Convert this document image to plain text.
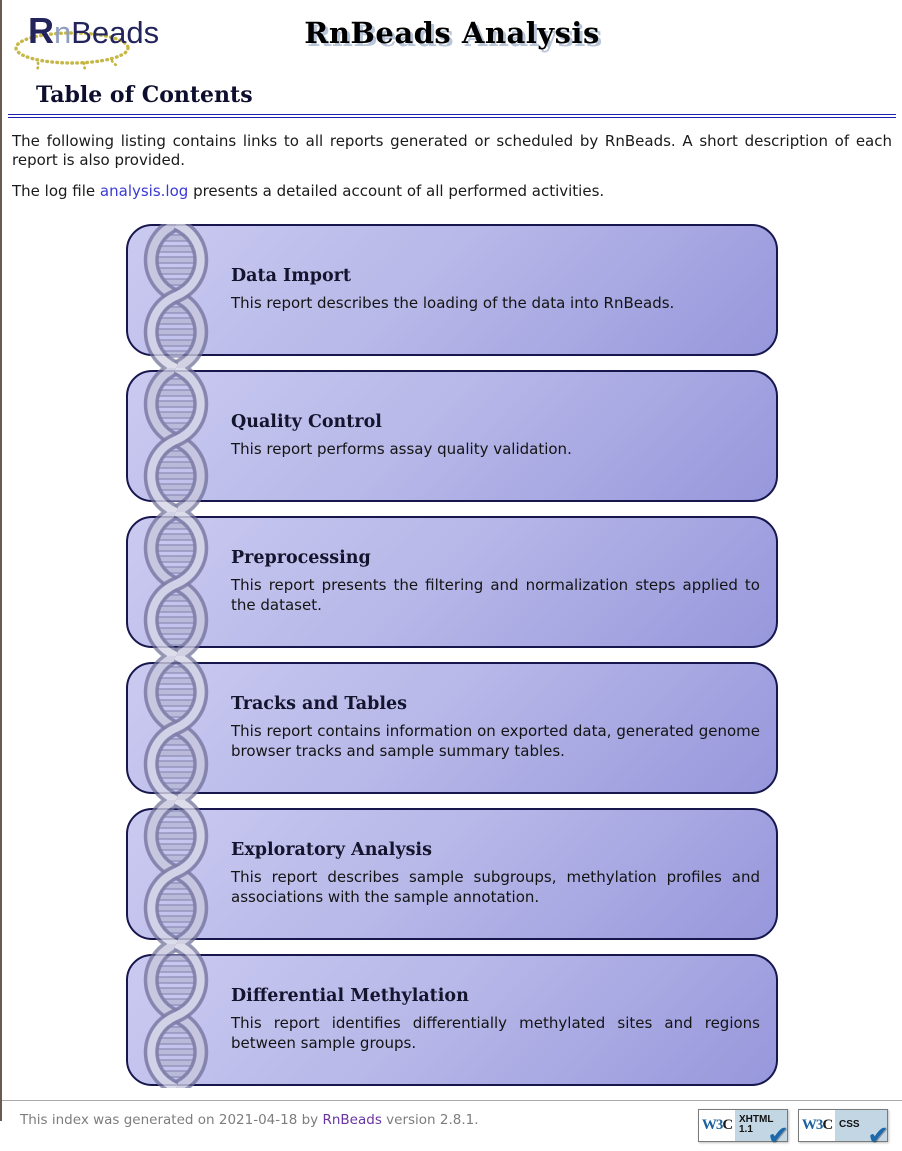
RnBeads	RnBeads Analysis
Table of Contents

The following listing contains links to all reports generated or scheduled by RnBeads. A short description of each report is also provided.

The log file analysis.log presents a detailed account of all performed activities.

Data Import
This report describes the loading of the data into RnBeads.
Quality Control
This report performs assay quality validation.
Preprocessing
This report presents the filtering and normalization steps applied to the dataset.
Tracks and Tables
This report contains information on exported data, generated genome browser tracks and sample summary tables.
Exploratory Analysis
This report describes sample subgroups, methylation profiles and associations with the sample annotation.
Differential Methylation
This report identifies differentially methylated sites and regions between sample groups.
This index was generated on 2021-04-18 by RnBeads version 2.8.1.	W3 C XHTML
1.1 ✔ W3 C CSS ✔
